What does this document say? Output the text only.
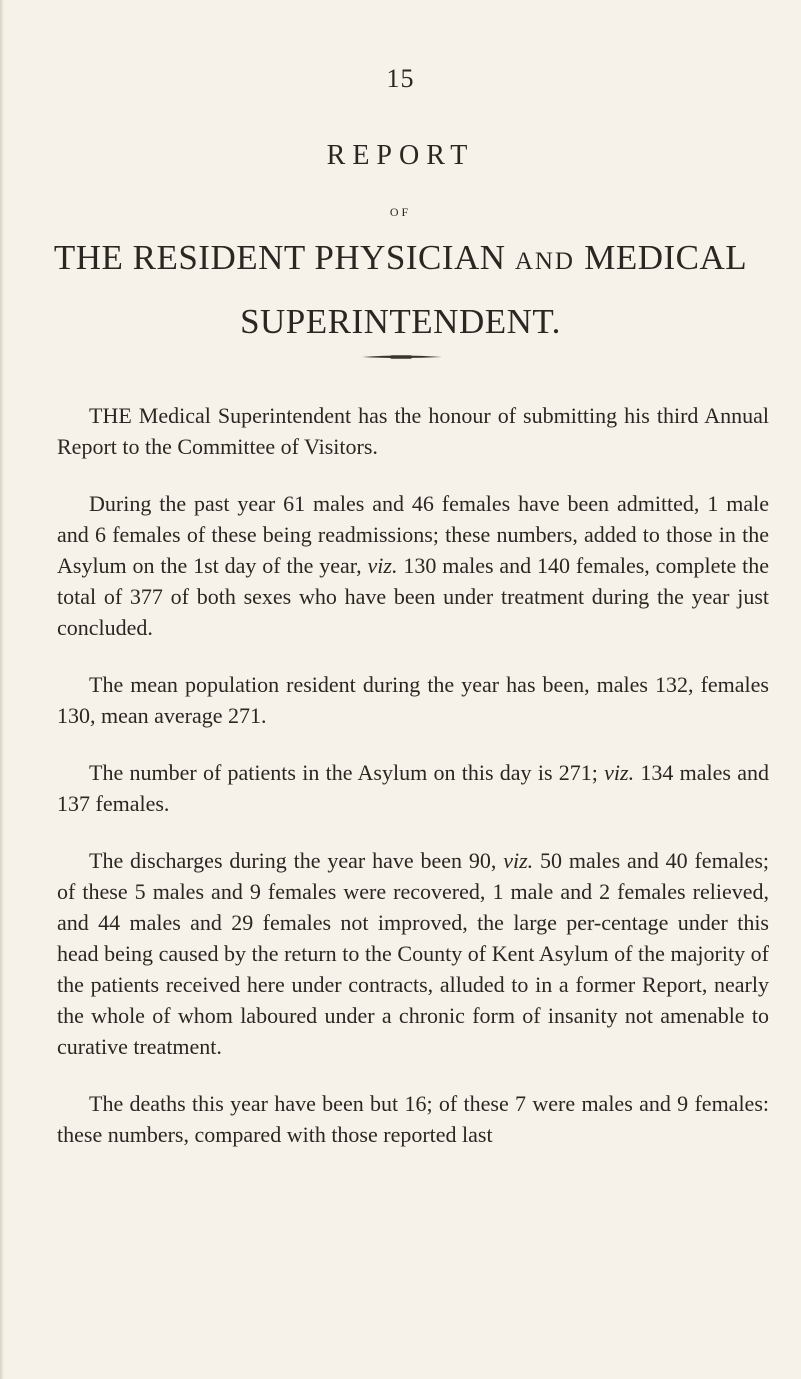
15
REPORT
OF
THE RESIDENT PHYSICIAN AND MEDICAL
SUPERINTENDENT.

THE Medical Superintendent has the honour of submitting his third Annual Report to the Committee of Visitors.

During the past year 61 males and 46 females have been admitted, 1 male and 6 females of these being readmissions; these numbers, added to those in the Asylum on the 1st day of the year, viz. 130 males and 140 females, complete the total of 377 of both sexes who have been under treatment during the year just concluded.

The mean population resident during the year has been, males 132, females 130, mean average 271.

The number of patients in the Asylum on this day is 271; viz. 134 males and 137 females.

The discharges during the year have been 90, viz. 50 males and 40 females; of these 5 males and 9 females were recovered, 1 male and 2 females relieved, and 44 males and 29 females not improved, the large per-centage under this head being caused by the return to the County of Kent Asylum of the majority of the patients received here under contracts, alluded to in a former Report, nearly the whole of whom laboured under a chronic form of insanity not amenable to curative treatment.

The deaths this year have been but 16; of these 7 were males and 9 females: these numbers, compared with those reported last
